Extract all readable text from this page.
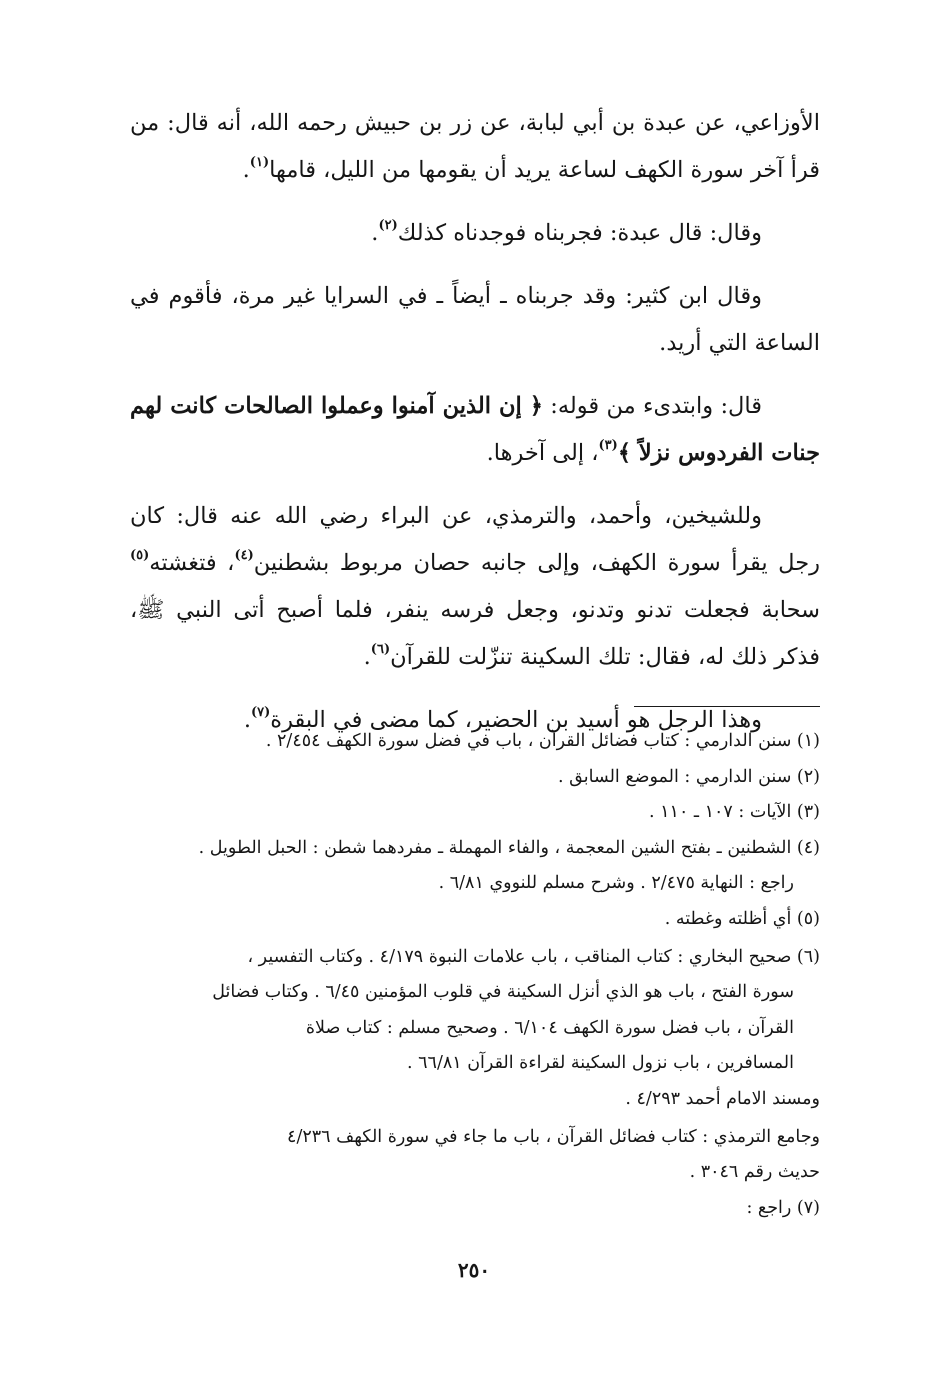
الأوزاعي، عن عبدة بن أبي لبابة، عن زر بن حبيش رحمه الله، أنه قال: من قرأ آخر سورة الكهف لساعة يريد أن يقومها من الليل، قامها$^{(١)}$.

وقال: قال عبدة: فجربناه فوجدناه كذلك$^{(٢)}$.

وقال ابن كثير: وقد جربناه ـ أيضاً ـ في السرايا غير مرة، فأقوم في الساعة التي أريد.

قال: وابتدىء من قوله: ﴿ إن الذين آمنوا وعملوا الصالحات كانت لهم جنات الفردوس نزلاً ﴾$^{(٣)}$، إلى آخرها.

وللشيخين، وأحمد، والترمذي، عن البراء رضي الله عنه قال: كان رجل يقرأ سورة الكهف، وإلى جانبه حصان مربوط بشطنين$^{(٤)}$، فتغشته$^{(٥)}$ سحابة فجعلت تدنو وتدنو، وجعل فرسه ينفر، فلما أصبح أتى النبي ﷺ، فذكر ذلك له، فقال: تلك السكينة تنزّلت للقرآن$^{(٦)}$.

وهذا الرجل هو أسيد بن الحضير، كما مضى في البقرة$^{(٧)}$.

(١) سنن الدارمي : كتاب فضائل القرآن ، باب في فضل سورة الكهف ٢/٤٥٤ .

(٢) سنن الدارمي : الموضع السابق .

(٣) الآيات : ١٠٧ ـ ١١٠ .

(٤) الشطنين ـ بفتح الشين المعجمة ، والفاء المهملة ـ مفردهما شطن : الحبل الطويل .

راجع : النهاية ٢/٤٧٥ . وشرح مسلم للنووي ٦/٨١ .

(٥) أي أظلته وغطته .

(٦) صحيح البخاري : كتاب المناقب ، باب علامات النبوة ٤/١٧٩ . وكتاب التفسير ،

سورة الفتح ، باب هو الذي أنزل السكينة في قلوب المؤمنين ٦/٤٥ . وكتاب فضائل

القرآن ، باب فضل سورة الكهف ٦/١٠٤ . وصحيح مسلم : كتاب صلاة

المسافرين ، باب نزول السكينة لقراءة القرآن ٦٦/٨١ .

ومسند الامام أحمد ٤/٢٩٣ .

وجامع الترمذي : كتاب فضائل القرآن ، باب ما جاء في سورة الكهف ٤/٢٣٦

حديث رقم ٣٠٤٦ .

(٧) راجع :

٢٥٠
